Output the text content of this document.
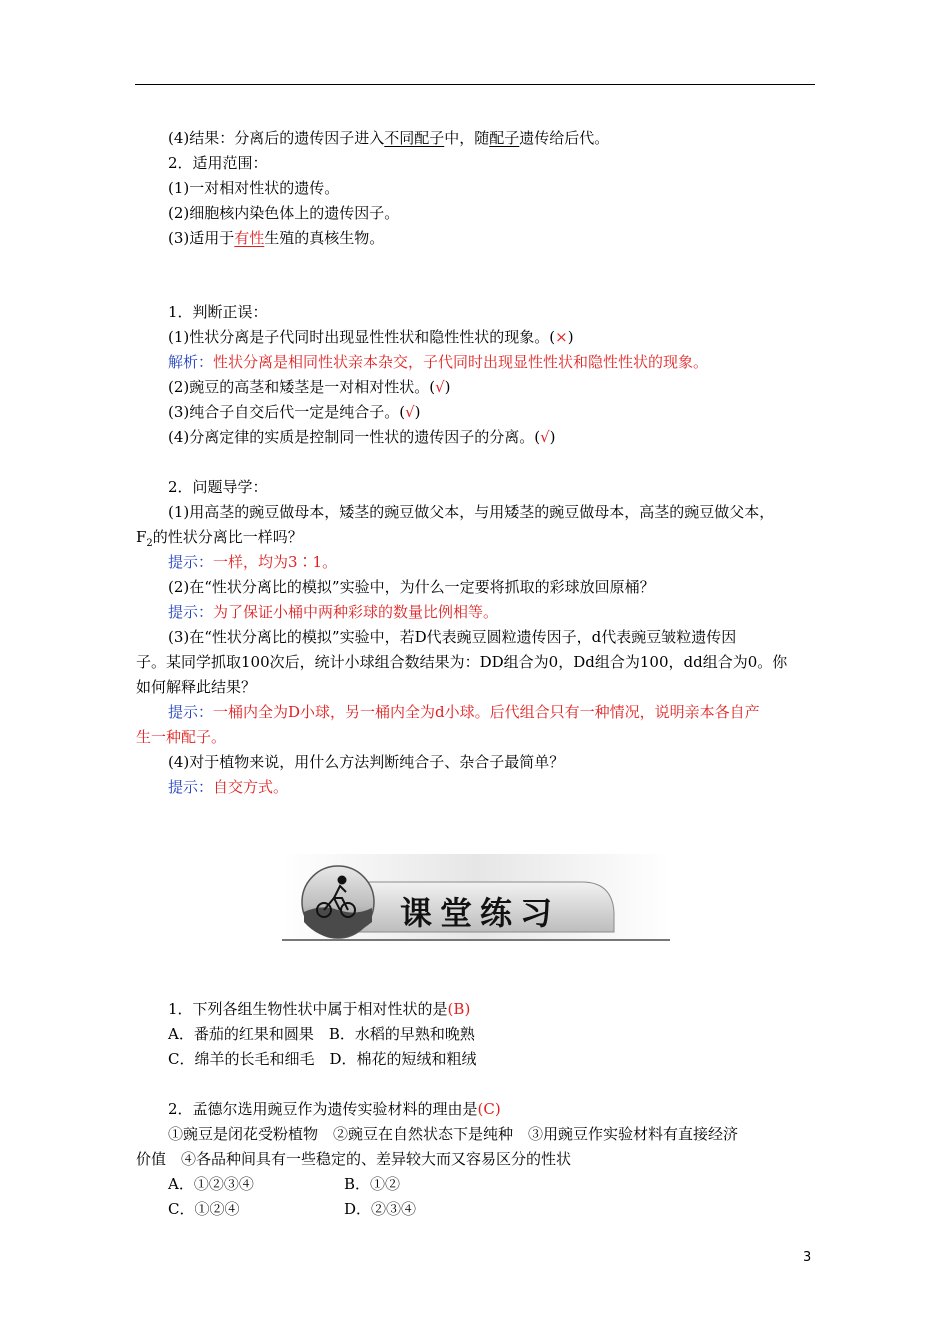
(4)结果：分离后的遗传因子进入不同配子中，随配子遗传给后代。
2．适用范围：
(1)一对相对性状的遗传。
(2)细胞核内染色体上的遗传因子。
(3)适用于有性生殖的真核生物。
1．判断正误：
(1)性状分离是子代同时出现显性性状和隐性性状的现象。(×)
解析：性状分离是相同性状亲本杂交，子代同时出现显性性状和隐性性状的现象。
(2)豌豆的高茎和矮茎是一对相对性状。(√)
(3)纯合子自交后代一定是纯合子。(√)
(4)分离定律的实质是控制同一性状的遗传因子的分离。(√)
2．问题导学：
(1)用高茎的豌豆做母本，矮茎的豌豆做父本，与用矮茎的豌豆做母本，高茎的豌豆做父本，
$F_2$的性状分离比一样吗？
提示：一样，均为3∶1。
(2)在“性状分离比的模拟”实验中，为什么一定要将抓取的彩球放回原桶？
提示：为了保证小桶中两种彩球的数量比例相等。
(3)在“性状分离比的模拟”实验中，若D代表豌豆圆粒遗传因子，d代表豌豆皱粒遗传因
子。某同学抓取100次后，统计小球组合数结果为：DD组合为0，Dd组合为100，dd组合为0。你
如何解释此结果？
提示：一桶内全为D小球，另一桶内全为d小球。后代组合只有一种情况，说明亲本各自产
生一种配子。
(4)对于植物来说，用什么方法判断纯合子、杂合子最简单？
提示：自交方式。
课堂练习
1．下列各组生物性状中属于相对性状的是(B)
A．番茄的红果和圆果　B．水稻的早熟和晚熟
C．绵羊的长毛和细毛　D．棉花的短绒和粗绒
2．孟德尔选用豌豆作为遗传实验材料的理由是(C)
①豌豆是闭花受粉植物　②豌豆在自然状态下是纯种　③用豌豆作实验材料有直接经济
价值　④各品种间具有一些稳定的、差异较大而又容易区分的性状
A．①②③④	B．①②
C．①②④	D．②③④
3
